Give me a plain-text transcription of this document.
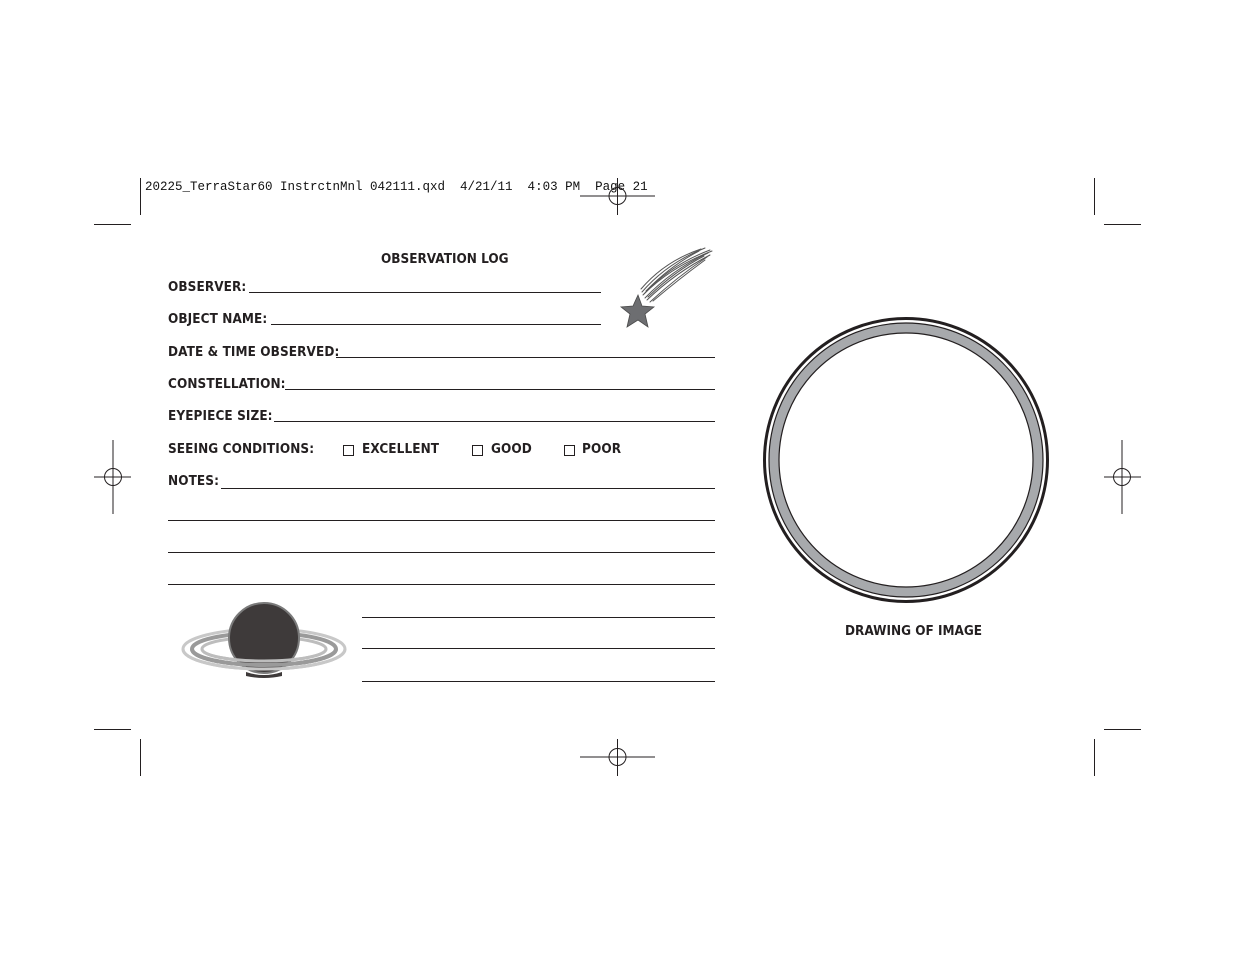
20225_TerraStar60 InstrctnMnl 042111.qxd  4/21/11  4:03 PM  Page 21
OBSERVATION LOG
OBSERVER:
OBJECT NAME:
DATE & TIME OBSERVED:
CONSTELLATION:
EYEPIECE SIZE:
SEEING CONDITIONS:	EXCELLENT	GOOD	POOR
NOTES:
DRAWING OF IMAGE
